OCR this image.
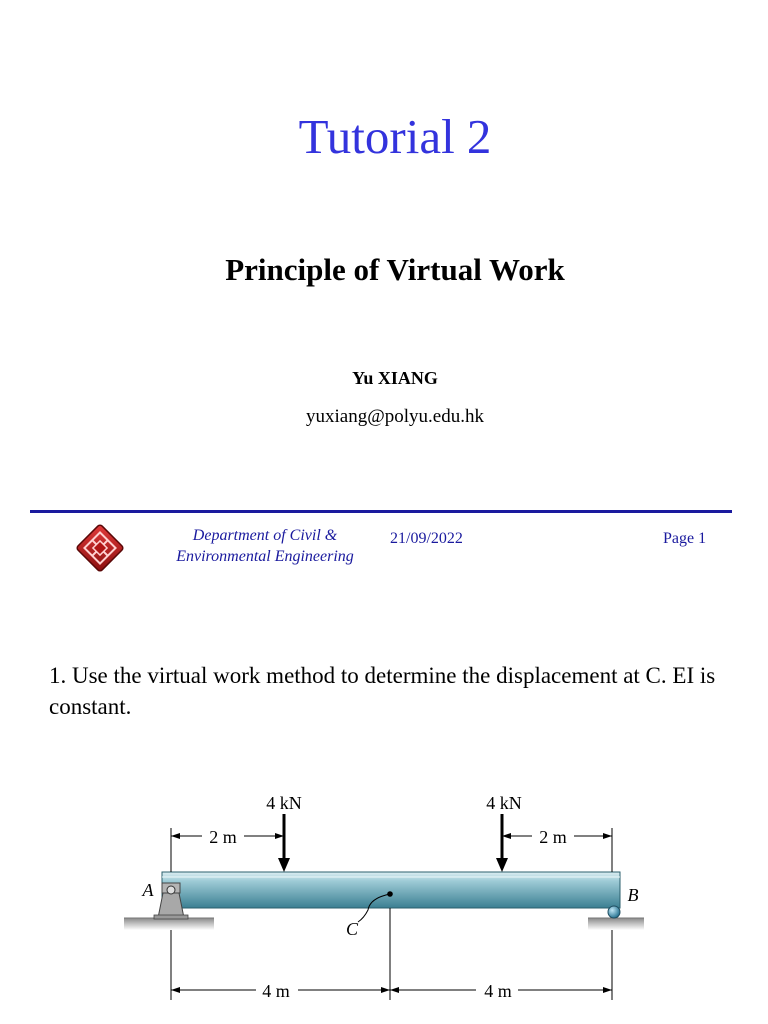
Tutorial 2
Principle of Virtual Work
Yu XIANG
yuxiang@polyu.edu.hk
Department of Civil &
Environmental Engineering
21/09/2022	Page 1
1. Use the virtual work method to determine the displacement at C. EI is constant.
4 kN	4 kN
2 m	2 m
C
A	B
4 m	4 m
